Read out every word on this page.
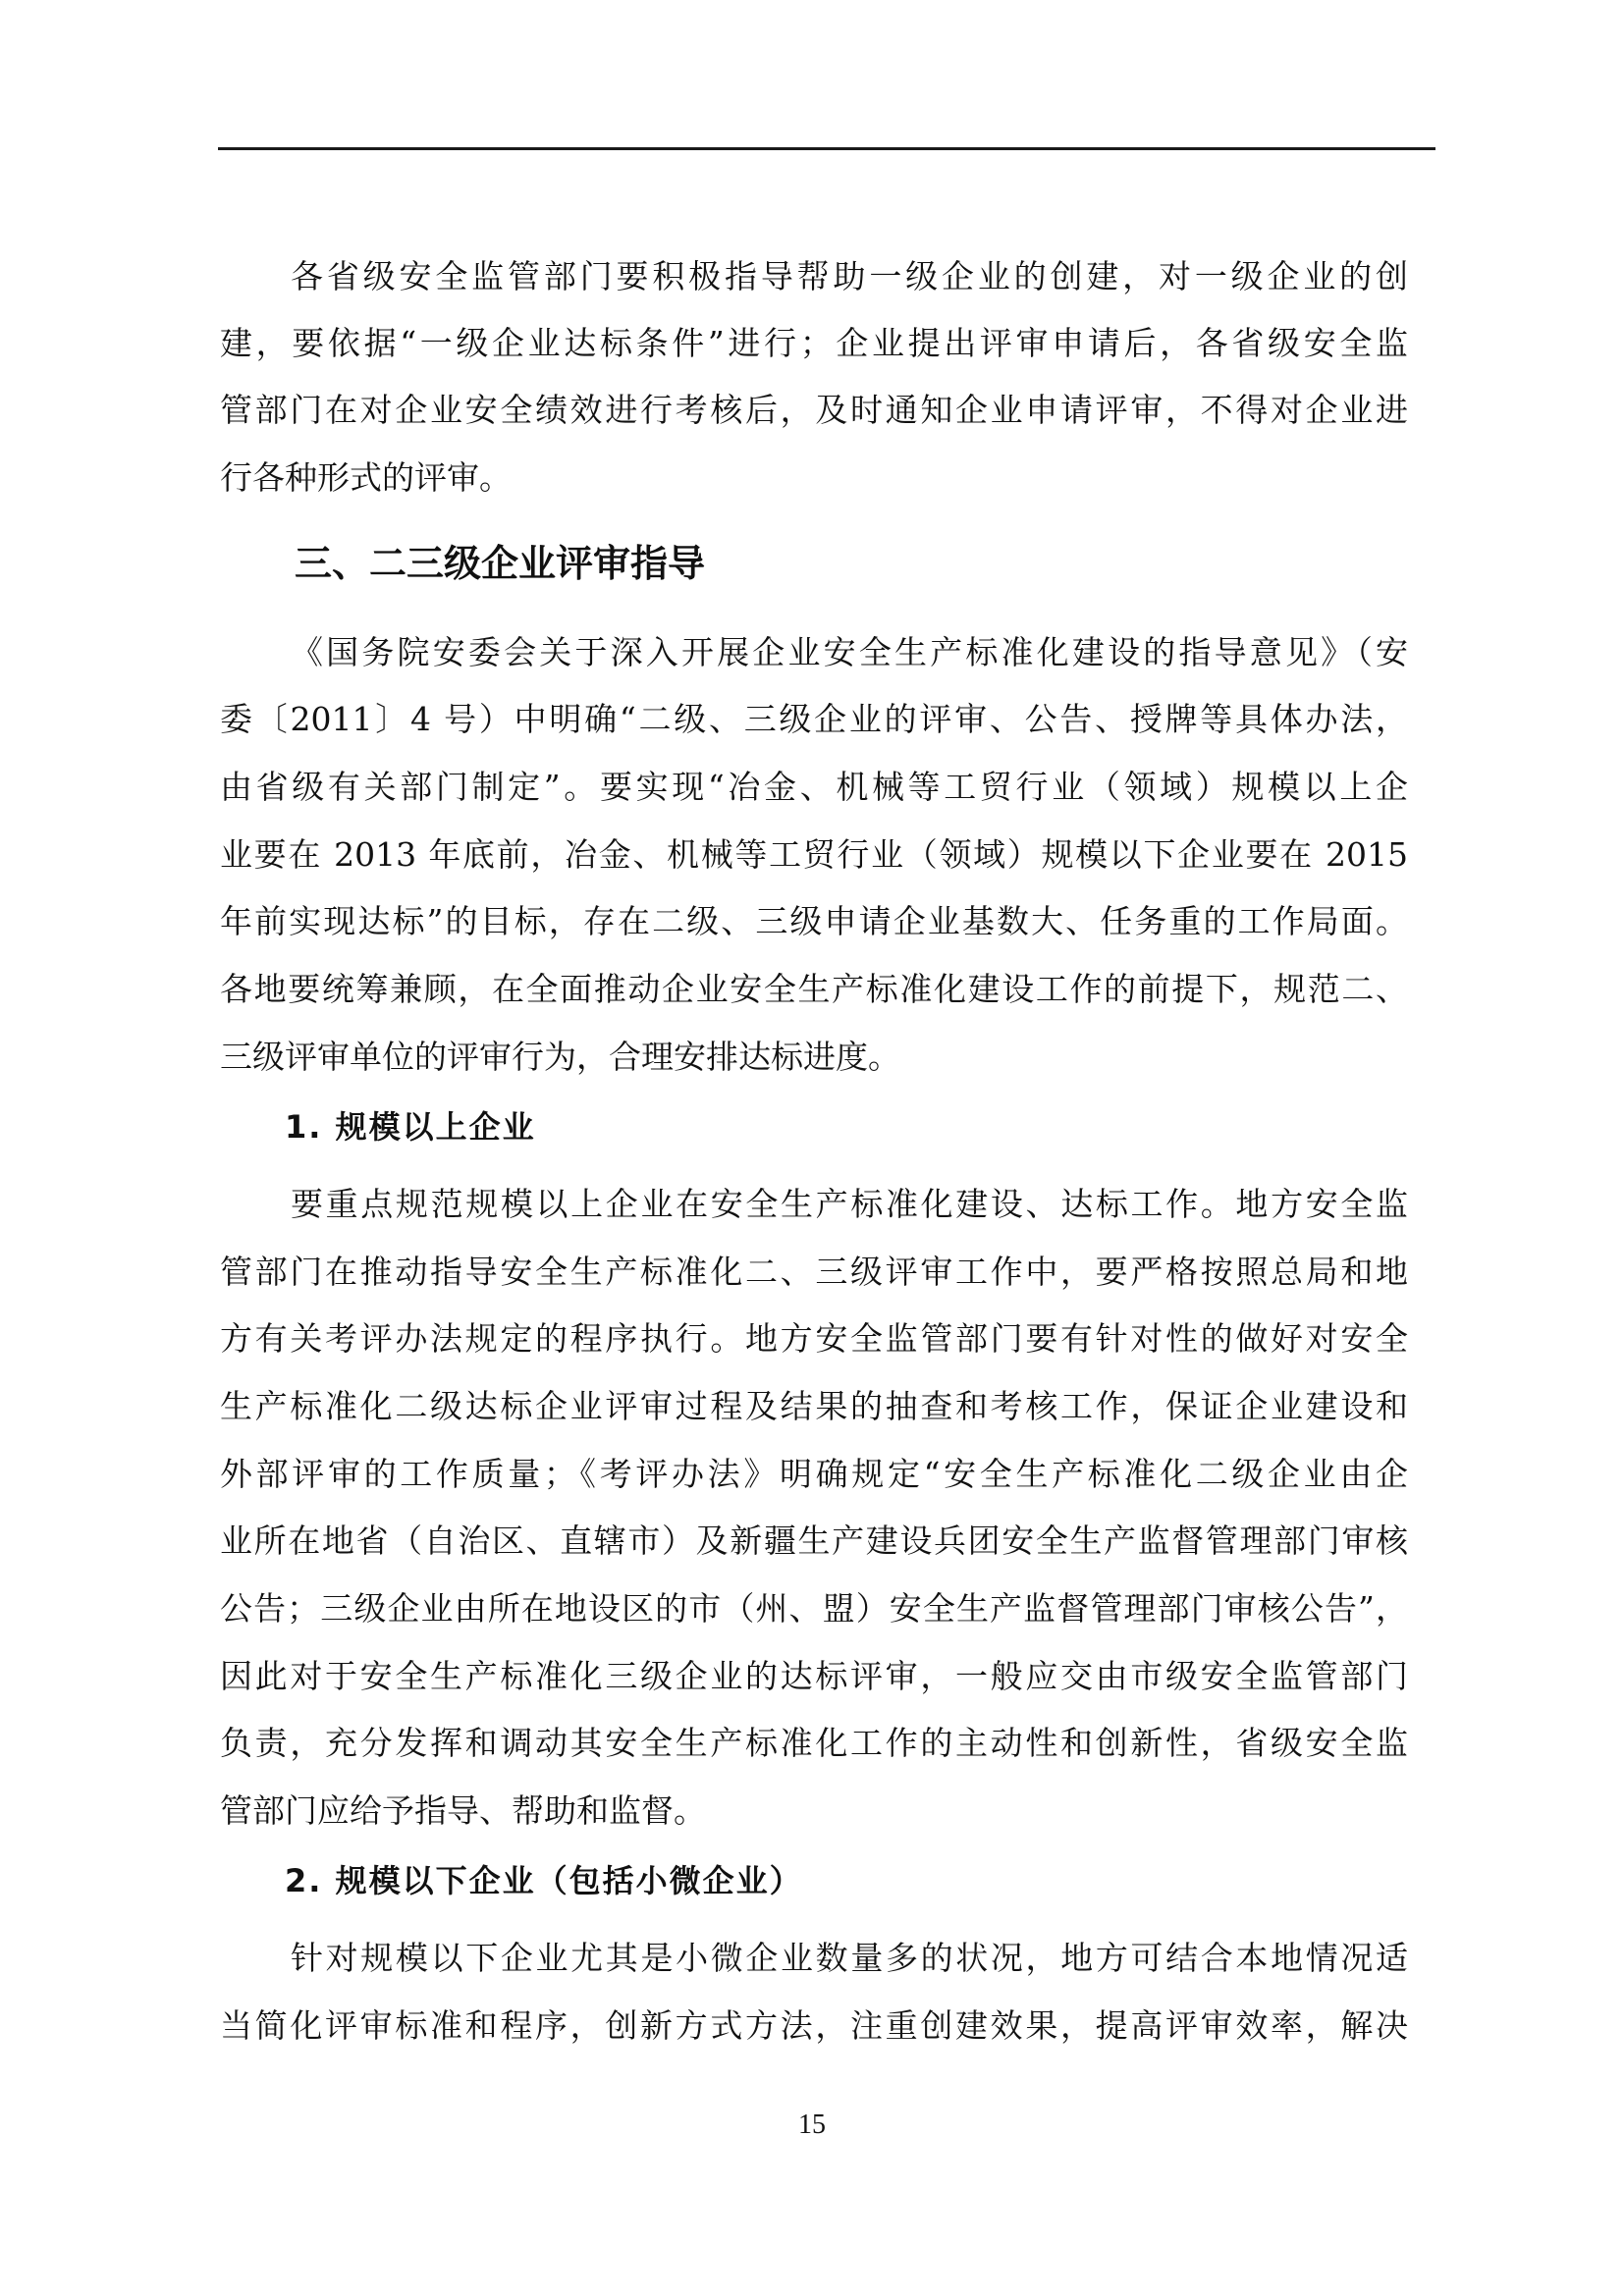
各省级安全监管部门要积极指导帮助一级企业的创建，对一级企业的创
建，要依据“一级企业达标条件”进行；企业提出评审申请后，各省级安全监
管部门在对企业安全绩效进行考核后，及时通知企业申请评审，不得对企业进
行各种形式的评审。
三、二三级企业评审指导
《国务院安委会关于深入开展企业安全生产标准化建设的指导意见》（安
委〔2011〕4 号）中明确“二级、三级企业的评审、公告、授牌等具体办法，
由省级有关部门制定”。要实现“冶金、机械等工贸行业（领域）规模以上企
业要在 2013 年底前，冶金、机械等工贸行业（领域）规模以下企业要在 2015
年前实现达标”的目标，存在二级、三级申请企业基数大、任务重的工作局面。
各地要统筹兼顾，在全面推动企业安全生产标准化建设工作的前提下，规范二、
三级评审单位的评审行为，合理安排达标进度。
1. 规模以上企业
要重点规范规模以上企业在安全生产标准化建设、达标工作。地方安全监
管部门在推动指导安全生产标准化二、三级评审工作中，要严格按照总局和地
方有关考评办法规定的程序执行。地方安全监管部门要有针对性的做好对安全
生产标准化二级达标企业评审过程及结果的抽查和考核工作，保证企业建设和
外部评审的工作质量；《考评办法》明确规定“安全生产标准化二级企业由企
业所在地省（自治区、直辖市）及新疆生产建设兵团安全生产监督管理部门审核
公告；三级企业由所在地设区的市（州、盟）安全生产监督管理部门审核公告”，
因此对于安全生产标准化三级企业的达标评审，一般应交由市级安全监管部门
负责，充分发挥和调动其安全生产标准化工作的主动性和创新性，省级安全监
管部门应给予指导、帮助和监督。
2. 规模以下企业（包括小微企业）
针对规模以下企业尤其是小微企业数量多的状况，地方可结合本地情况适
当简化评审标准和程序，创新方式方法，注重创建效果，提高评审效率，解决
15
